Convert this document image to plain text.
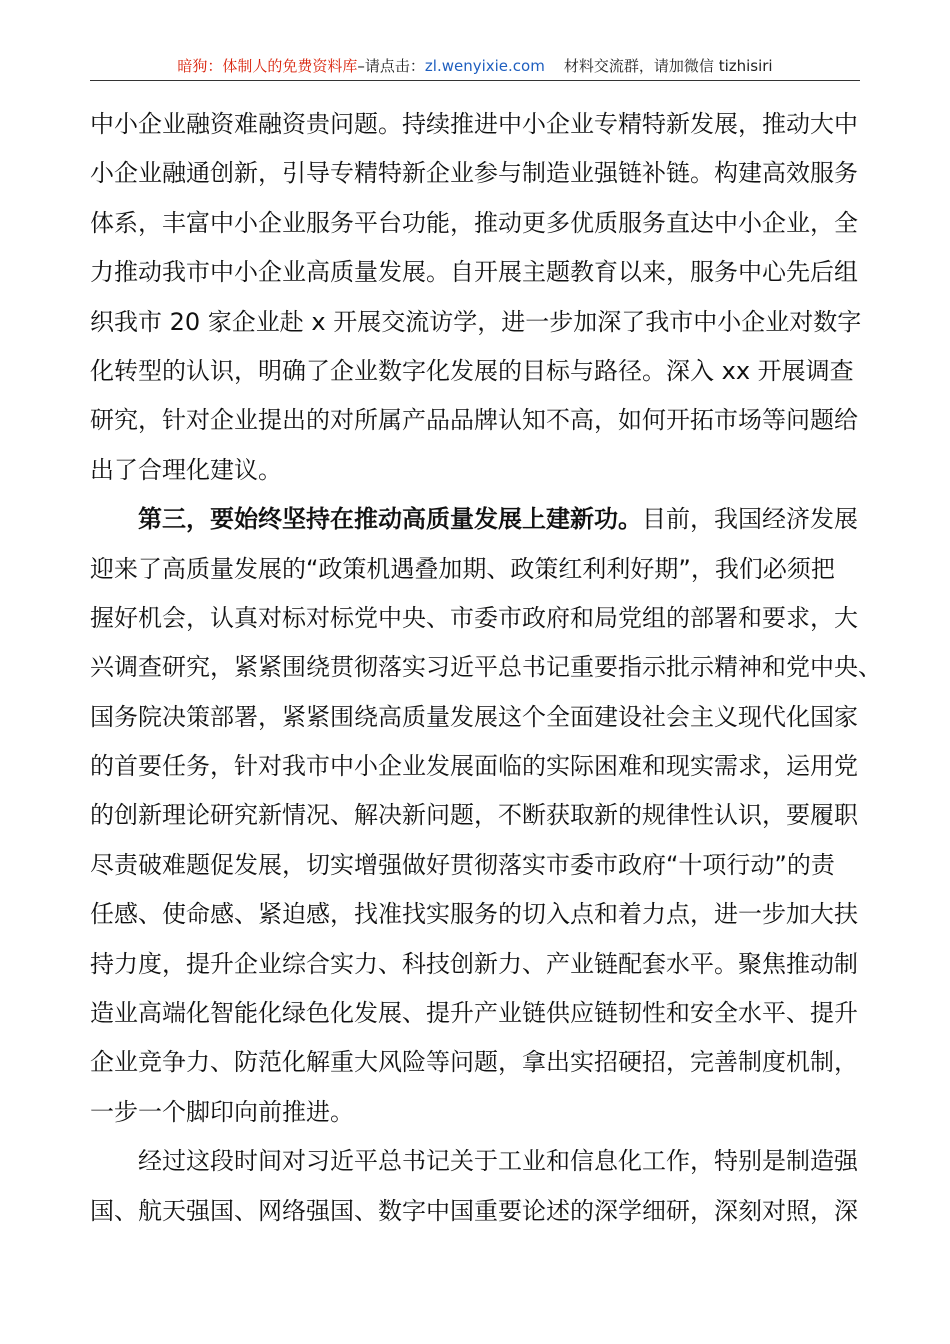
暗狗：体制人的免费资料库–请点击：zl.wenyixie.com 材料交流群，请加微信 tizhisiri
中小企业融资难融资贵问题。持续推进中小企业专精特新发展，推动大中
小企业融通创新，引导专精特新企业参与制造业强链补链。构建高效服务
体系，丰富中小企业服务平台功能，推动更多优质服务直达中小企业，全
力推动我市中小企业高质量发展。自开展主题教育以来，服务中心先后组
织我市 20 家企业赴 x 开展交流访学，进一步加深了我市中小企业对数字
化转型的认识，明确了企业数字化发展的目标与路径。深入 xx 开展调查
研究，针对企业提出的对所属产品品牌认知不高，如何开拓市场等问题给
出了合理化建议。
第三，要始终坚持在推动高质量发展上建新功。目前，我国经济发展
迎来了高质量发展的“政策机遇叠加期、政策红利利好期”，我们必须把
握好机会，认真对标对标党中央、市委市政府和局党组的部署和要求，大
兴调查研究，紧紧围绕贯彻落实习近平总书记重要指示批示精神和党中央、
国务院决策部署，紧紧围绕高质量发展这个全面建设社会主义现代化国家
的首要任务，针对我市中小企业发展面临的实际困难和现实需求，运用党
的创新理论研究新情况、解决新问题，不断获取新的规律性认识，要履职
尽责破难题促发展，切实增强做好贯彻落实市委市政府“十项行动”的责
任感、使命感、紧迫感，找准找实服务的切入点和着力点，进一步加大扶
持力度，提升企业综合实力、科技创新力、产业链配套水平。聚焦推动制
造业高端化智能化绿色化发展、提升产业链供应链韧性和安全水平、提升
企业竞争力、防范化解重大风险等问题，拿出实招硬招，完善制度机制，
一步一个脚印向前推进。
经过这段时间对习近平总书记关于工业和信息化工作，特别是制造强
国、航天强国、网络强国、数字中国重要论述的深学细研，深刻对照，深
